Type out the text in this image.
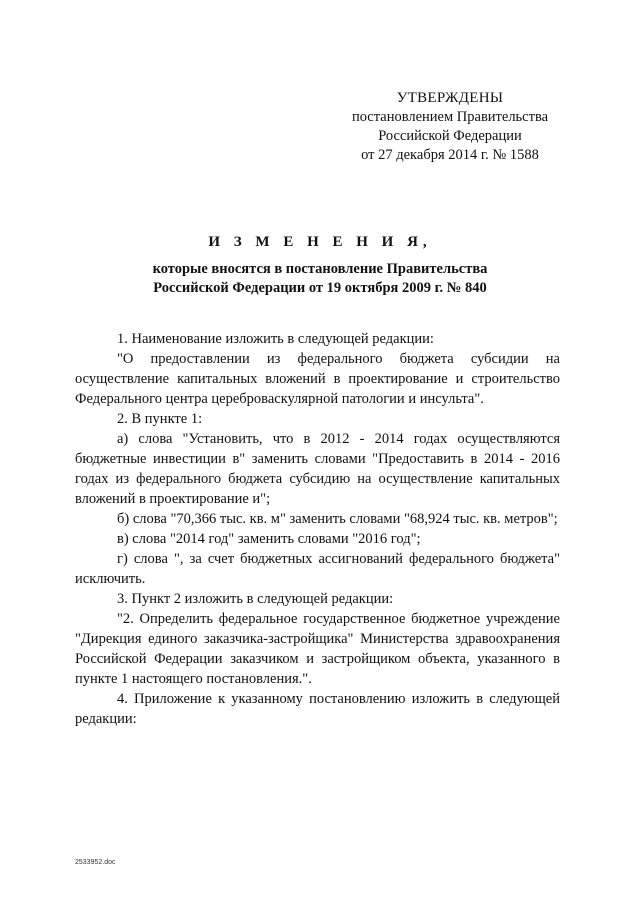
УТВЕРЖДЕНЫ
постановлением Правительства
Российской Федерации
от 27 декабря 2014 г. № 1588
И З М Е Н Е Н И Я,
которые вносятся в постановление Правительства
Российской Федерации от 19 октября 2009 г. № 840

1. Наименование изложить в следующей редакции:

"О предоставлении из федерального бюджета субсидии на осуществление капитальных вложений в проектирование и строительство Федерального центра цереброваскулярной патологии и инсульта".

2. В пункте 1:

а) слова "Установить, что в 2012 - 2014 годах осуществляются бюджетные инвестиции в" заменить словами "Предоставить в 2014 - 2016 годах из федерального бюджета субсидию на осуществление капитальных вложений в проектирование и";

б) слова "70,366 тыс. кв. м" заменить словами "68,924 тыс. кв. метров";

в) слова "2014 год" заменить словами "2016 год";

г) слова ", за счет бюджетных ассигнований федерального бюджета" исключить.

3. Пункт 2 изложить в следующей редакции:

"2. Определить федеральное государственное бюджетное учреждение "Дирекция единого заказчика-застройщика" Министерства здравоохранения Российской Федерации заказчиком и застройщиком объекта, указанного в пункте 1 настоящего постановления.".

4. Приложение к указанному постановлению изложить в следующей редакции:

2533952.doc
